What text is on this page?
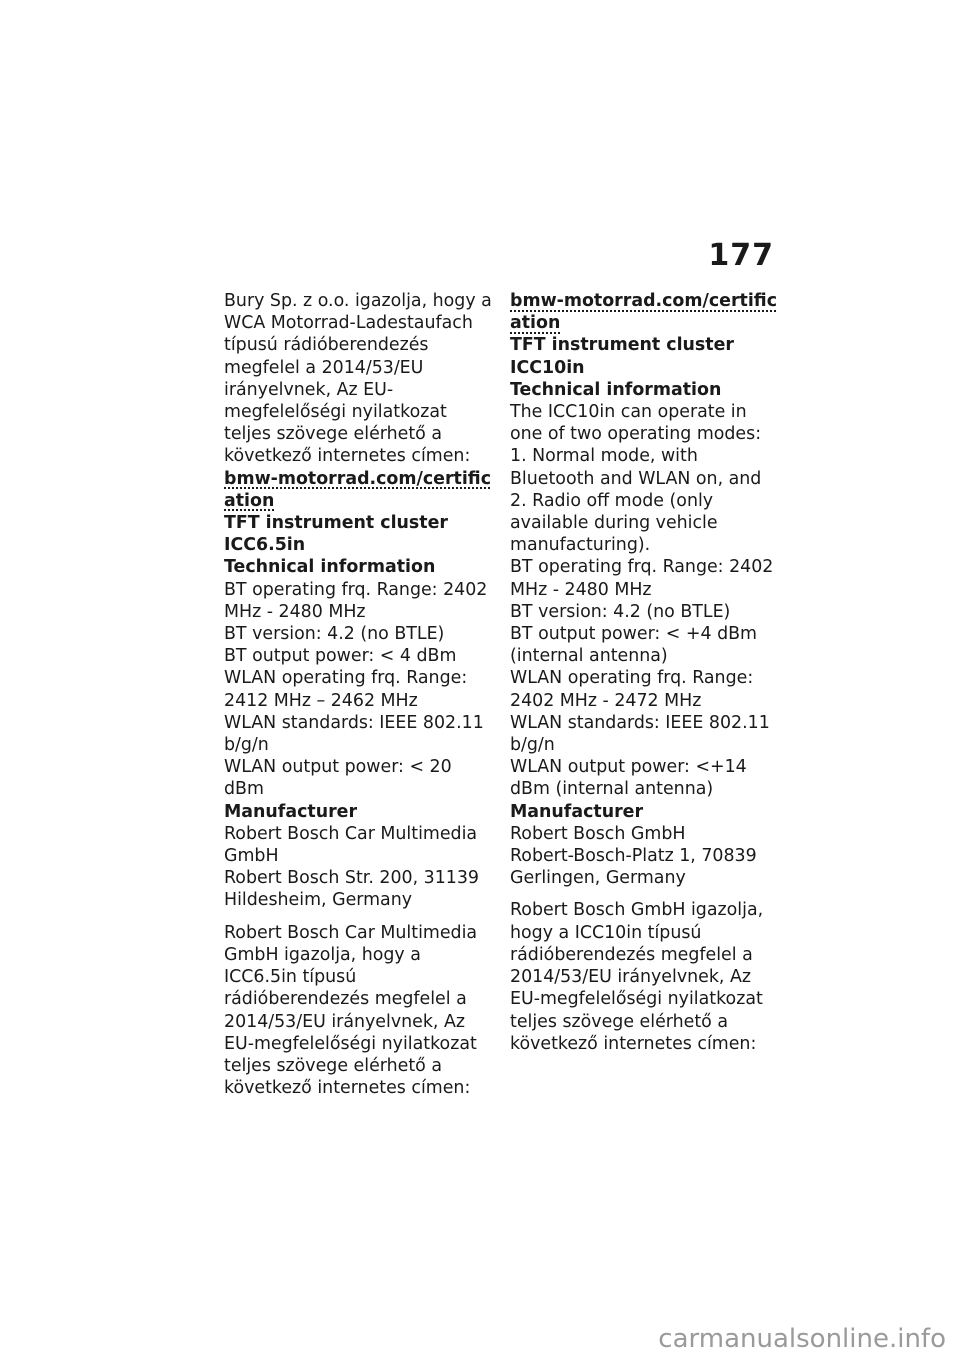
177

Bury Sp. z o.o. igazolja, hogy a WCA Motorrad-Ladestaufach típusú rádióberendezés megfelel a 2014/53/EU irányelvnek, Az EU-megfelelőségi nyilatkozat teljes szövege elérhető a következő internetes címen:

bmw-motorrad.com/certification

TFT instrument cluster ICC6.5in

Technical information

BT operating frq. Range: 2402 MHz - 2480 MHz

BT version: 4.2 (no BTLE)

BT output power: < 4 dBm

WLAN operating frq. Range: 2412 MHz – 2462 MHz

WLAN standards: IEEE 802.11 b/g/n

WLAN output power: < 20 dBm

Manufacturer

Robert Bosch Car Multimedia GmbH

Robert Bosch Str. 200, 31139 Hildesheim, Germany

Robert Bosch Car Multimedia GmbH igazolja, hogy a ICC6.5in típusú rádióberendezés megfelel a 2014/53/EU irányelvnek, Az EU-megfelelőségi nyilatkozat teljes szövege elérhető a következő internetes címen:

bmw-motorrad.com/certification

TFT instrument cluster ICC10in

Technical information

The ICC10in can operate in one of two operating modes:

1. Normal mode, with Bluetooth and WLAN on, and

2. Radio off mode (only available during vehicle manufacturing).

BT operating frq. Range: 2402 MHz - 2480 MHz

BT version: 4.2 (no BTLE)

BT output power: < +4 dBm (internal antenna)

WLAN operating frq. Range: 2402 MHz - 2472 MHz

WLAN standards: IEEE 802.11 b/g/n

WLAN output power: <+14 dBm (internal antenna)

Manufacturer

Robert Bosch GmbH

Robert-Bosch-Platz 1, 70839 Gerlingen, Germany

Robert Bosch GmbH igazolja, hogy a ICC10in típusú rádióberendezés megfelel a 2014/53/EU irányelvnek, Az EU-megfelelőségi nyilatkozat teljes szövege elérhető a következő internetes címen:

carmanualsonline.info
